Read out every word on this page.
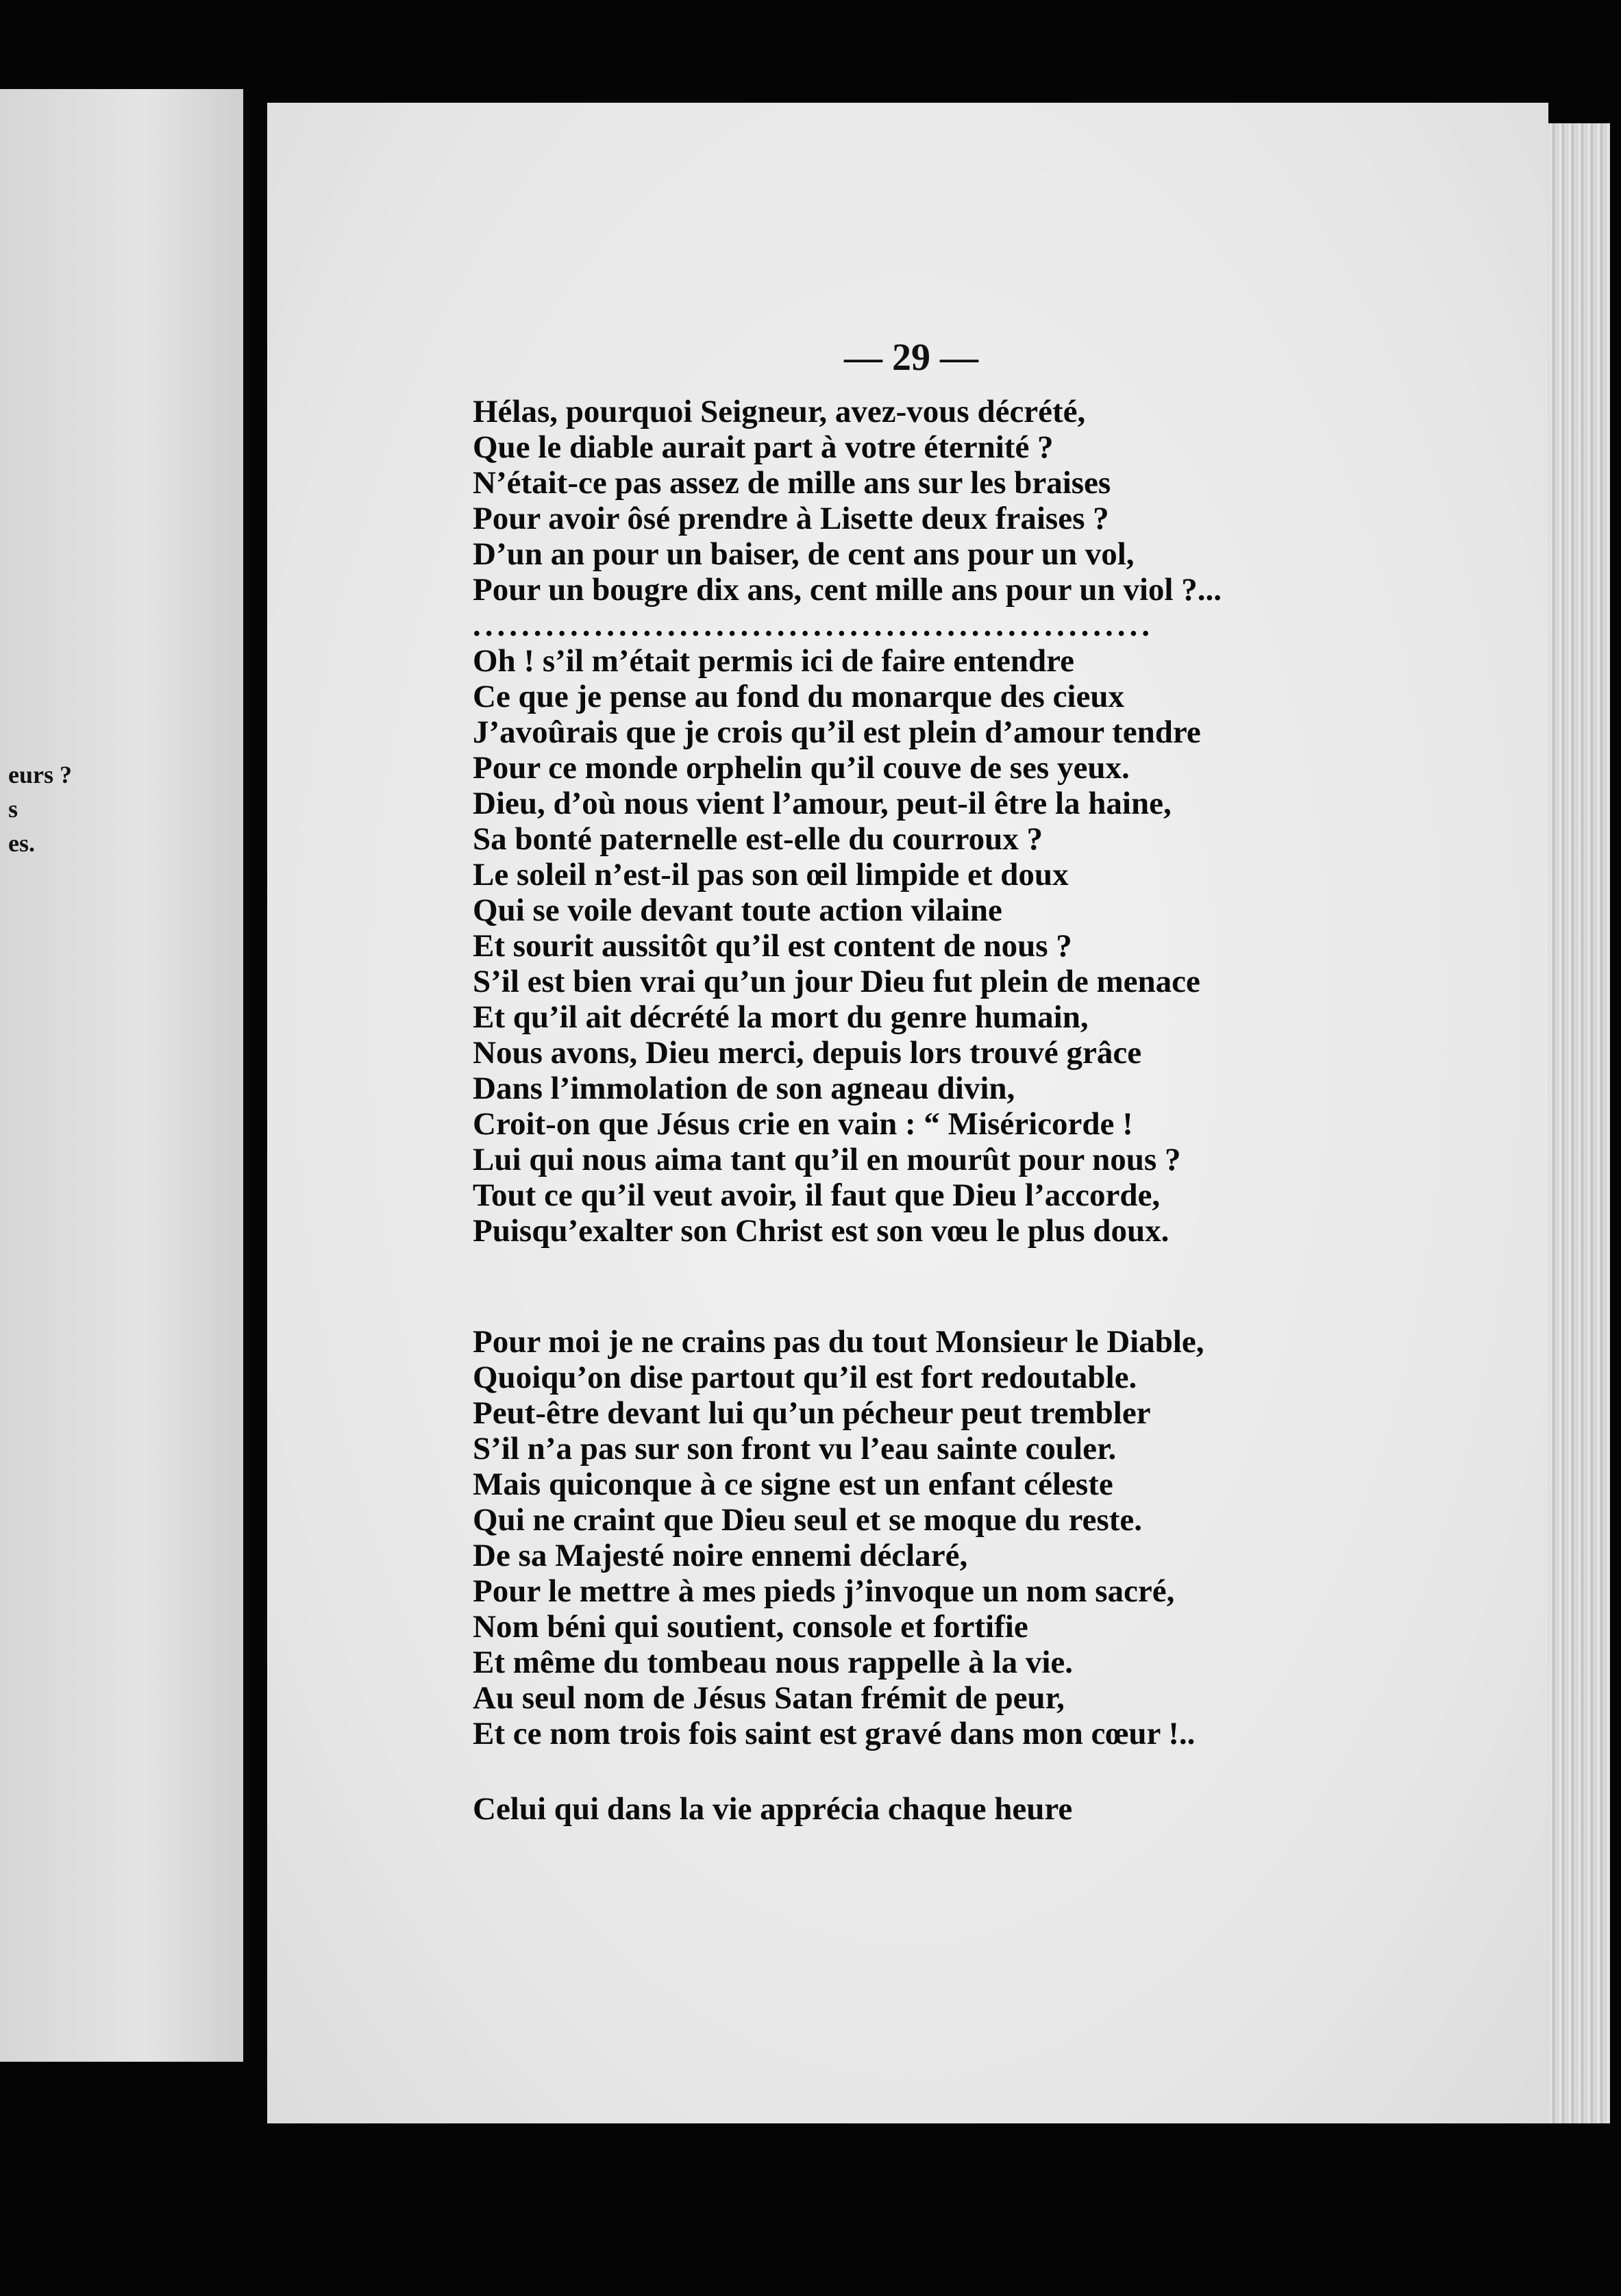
eurs ?
s
es.
— 29 —
Hélas, pourquoi Seigneur, avez-vous décrété,
Que le diable aurait part à votre éternité ?
N’était-ce pas assez de mille ans sur les braises
Pour avoir ôsé prendre à Lisette deux fraises ?
D’un an pour un baiser, de cent ans pour un vol,
Pour un bougre dix ans, cent mille ans pour un viol ?...
........................................................
Oh ! s’il m’était permis ici de faire entendre
Ce que je pense au fond du monarque des cieux
J’avoûrais que je crois qu’il est plein d’amour tendre
Pour ce monde orphelin qu’il couve de ses yeux.
Dieu, d’où nous vient l’amour, peut-il être la haine,
Sa bonté paternelle est-elle du courroux ?
Le soleil n’est-il pas son œil limpide et doux
Qui se voile devant toute action vilaine
Et sourit aussitôt qu’il est content de nous ?
S’il est bien vrai qu’un jour Dieu fut plein de menace
Et qu’il ait décrété la mort du genre humain,
Nous avons, Dieu merci, depuis lors trouvé grâce
Dans l’immolation de son agneau divin,
Croit-on que Jésus crie en vain : “ Miséricorde !
Lui qui nous aima tant qu’il en mourût pour nous ?
Tout ce qu’il veut avoir, il faut que Dieu l’accorde,
Puisqu’exalter son Christ est son vœu le plus doux.
Pour moi je ne crains pas du tout Monsieur le Diable,
Quoiqu’on dise partout qu’il est fort redoutable.
Peut-être devant lui qu’un pécheur peut trembler
S’il n’a pas sur son front vu l’eau sainte couler.
Mais quiconque à ce signe est un enfant céleste
Qui ne craint que Dieu seul et se moque du reste.
De sa Majesté noire ennemi déclaré,
Pour le mettre à mes pieds j’invoque un nom sacré,
Nom béni qui soutient, console et fortifie
Et même du tombeau nous rappelle à la vie.
Au seul nom de Jésus Satan frémit de peur,
Et ce nom trois fois saint est gravé dans mon cœur !..
Celui qui dans la vie apprécia chaque heure
